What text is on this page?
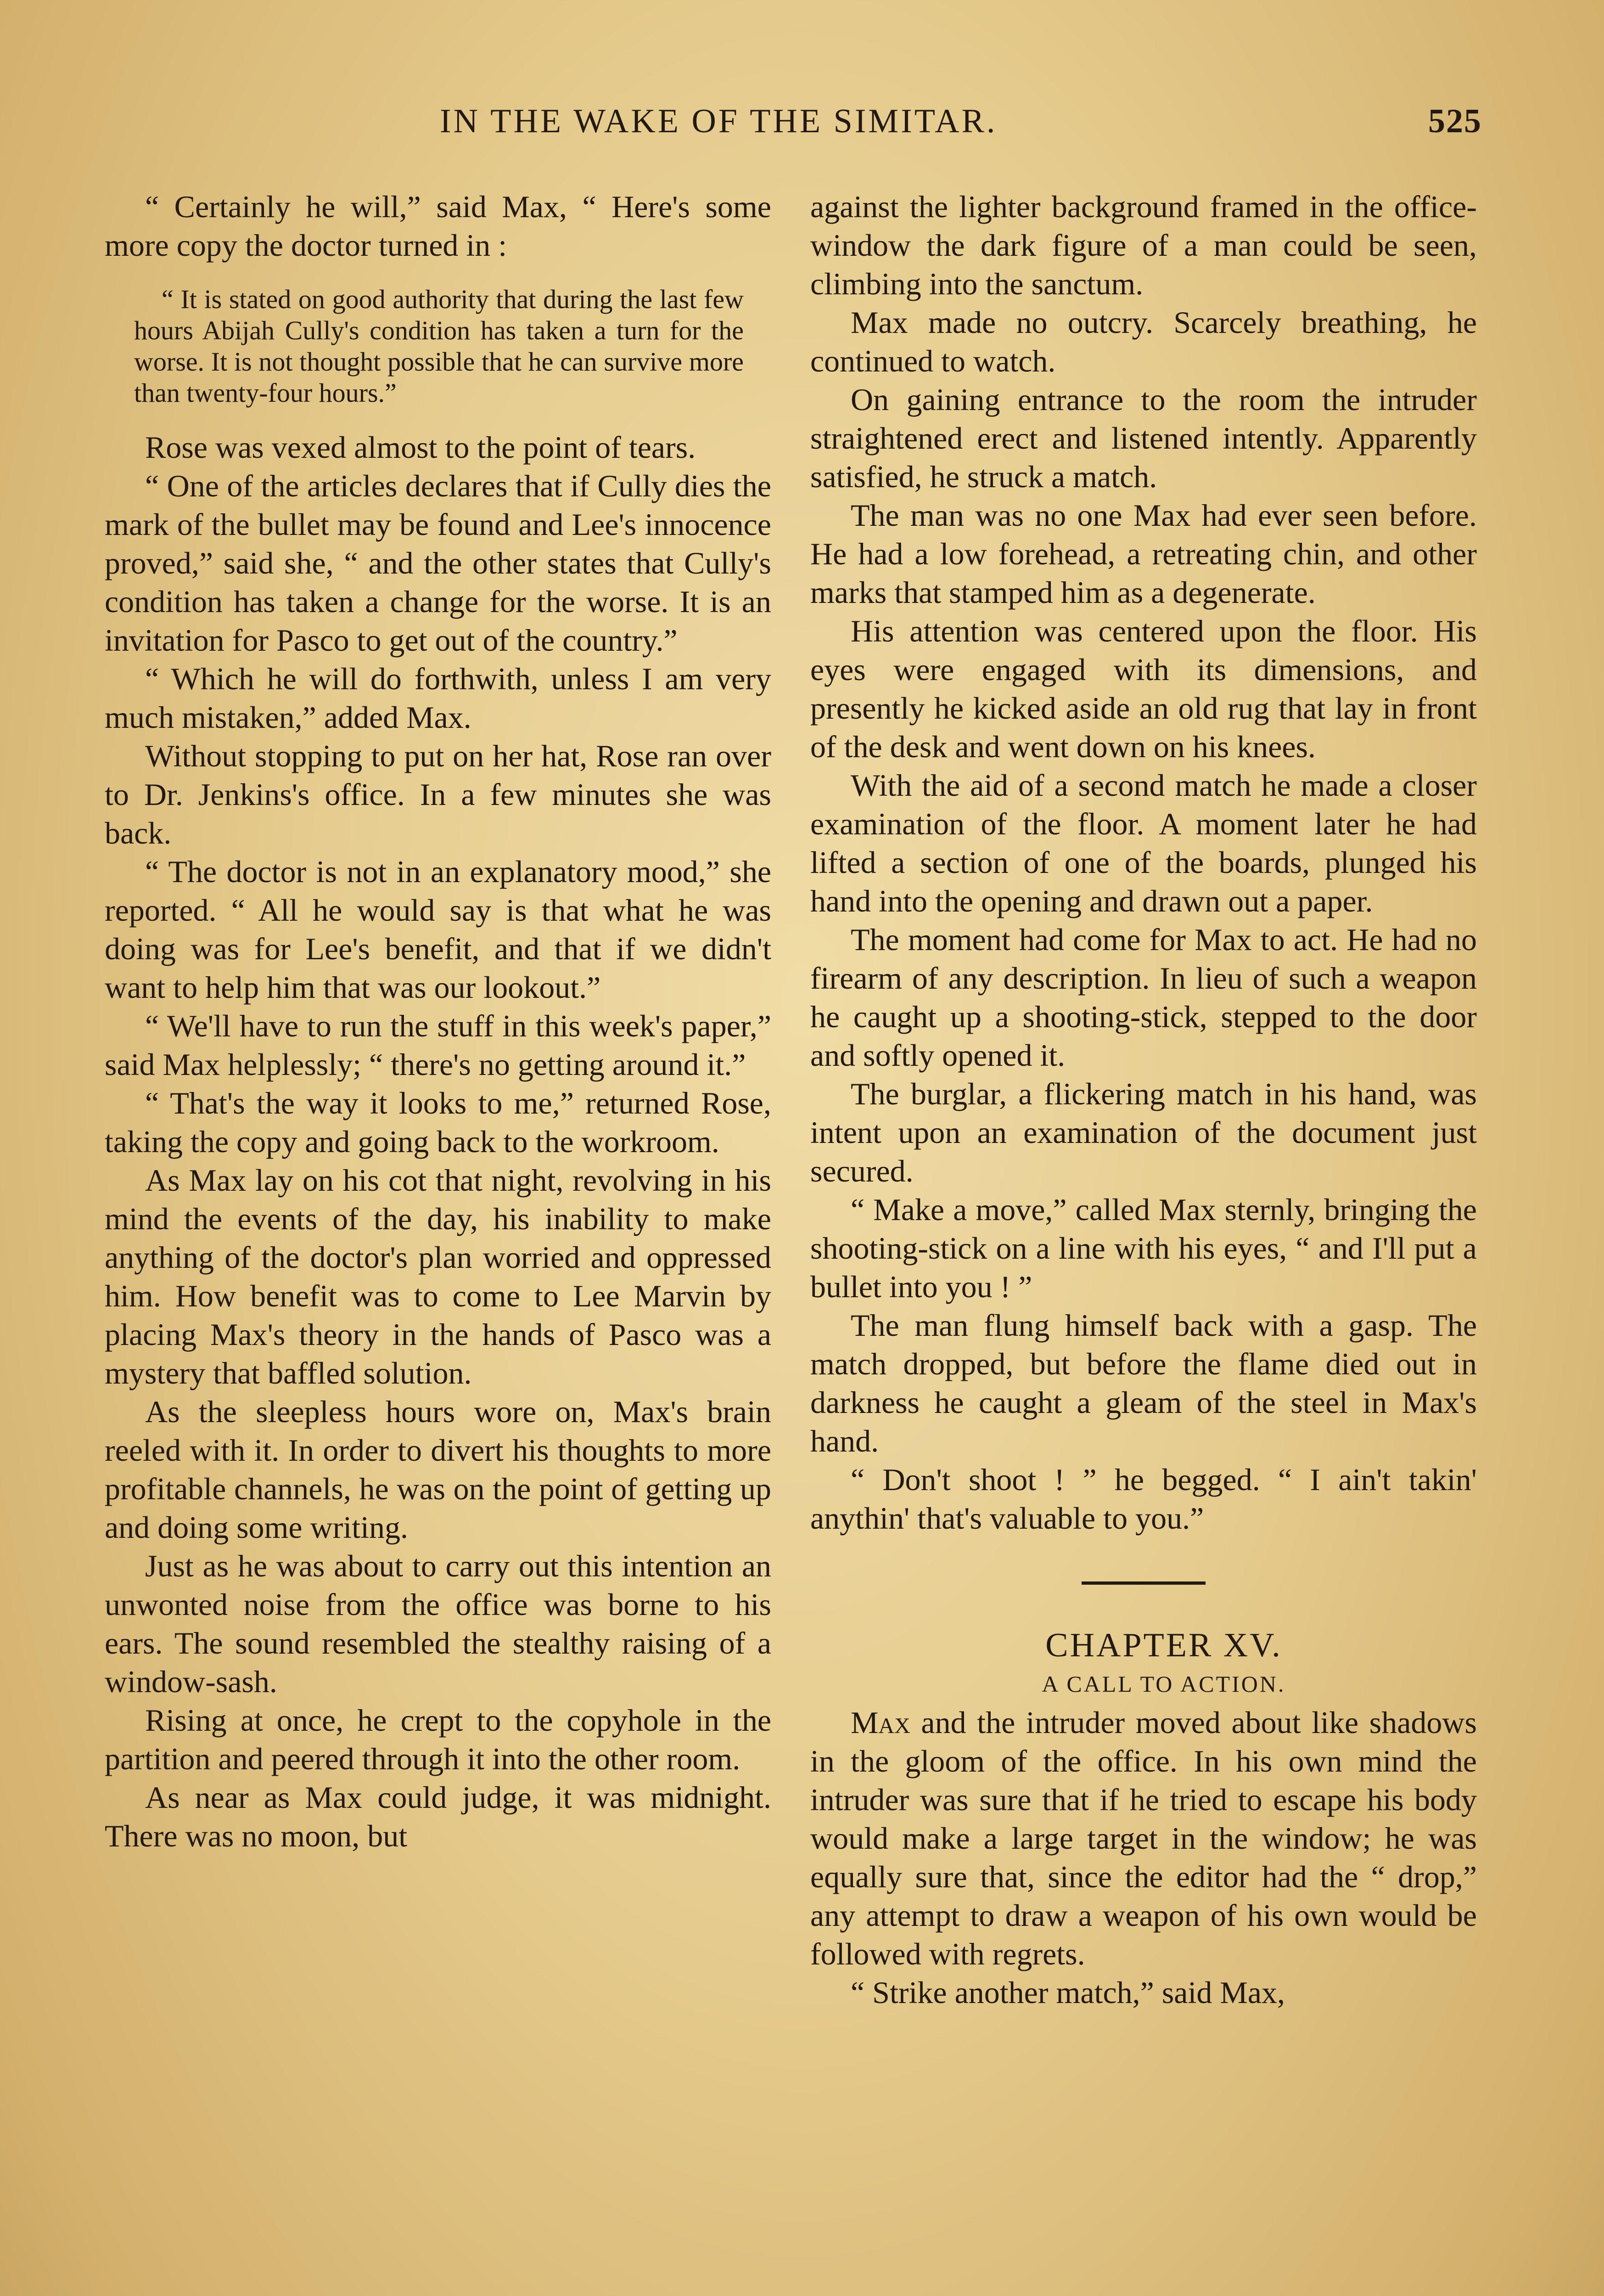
IN THE WAKE OF THE SIMITAR.	525

“ Certainly he will,” said Max, “ Here's some more copy the doctor turned in :

“ It is stated on good authority that during the last few hours Abijah Cully's condition has taken a turn for the worse. It is not thought possible that he can survive more than twenty-four hours.”

Rose was vexed almost to the point of tears.

“ One of the articles declares that if Cully dies the mark of the bullet may be found and Lee's innocence proved,” said she, “ and the other states that Cully's condition has taken a change for the worse. It is an invitation for Pasco to get out of the country.”

“ Which he will do forthwith, unless I am very much mistaken,” added Max.

Without stopping to put on her hat, Rose ran over to Dr. Jenkins's office. In a few minutes she was back.

“ The doctor is not in an explanatory mood,” she reported. “ All he would say is that what he was doing was for Lee's benefit, and that if we didn't want to help him that was our lookout.”

“ We'll have to run the stuff in this week's paper,” said Max helplessly; “ there's no getting around it.”

“ That's the way it looks to me,” returned Rose, taking the copy and going back to the workroom.

As Max lay on his cot that night, revolving in his mind the events of the day, his inability to make anything of the doctor's plan worried and oppressed him. How benefit was to come to Lee Marvin by placing Max's theory in the hands of Pasco was a mystery that baffled solution.

As the sleepless hours wore on, Max's brain reeled with it. In order to divert his thoughts to more profitable channels, he was on the point of getting up and doing some writing.

Just as he was about to carry out this intention an unwonted noise from the office was borne to his ears. The sound resembled the stealthy raising of a window-sash.

Rising at once, he crept to the copyhole in the partition and peered through it into the other room.

As near as Max could judge, it was midnight. There was no moon, but

against the lighter background framed in the office-window the dark figure of a man could be seen, climbing into the sanctum.

Max made no outcry. Scarcely breathing, he continued to watch.

On gaining entrance to the room the intruder straightened erect and listened intently. Apparently satisfied, he struck a match.

The man was no one Max had ever seen before. He had a low forehead, a retreating chin, and other marks that stamped him as a degenerate.

His attention was centered upon the floor. His eyes were engaged with its dimensions, and presently he kicked aside an old rug that lay in front of the desk and went down on his knees.

With the aid of a second match he made a closer examination of the floor. A moment later he had lifted a section of one of the boards, plunged his hand into the opening and drawn out a paper.

The moment had come for Max to act. He had no firearm of any description. In lieu of such a weapon he caught up a shooting-stick, stepped to the door and softly opened it.

The burglar, a flickering match in his hand, was intent upon an examination of the document just secured.

“ Make a move,” called Max sternly, bringing the shooting-stick on a line with his eyes, “ and I'll put a bullet into you ! ”

The man flung himself back with a gasp. The match dropped, but before the flame died out in darkness he caught a gleam of the steel in Max's hand.

“ Don't shoot ! ” he begged. “ I ain't takin' anythin' that's valuable to you.”

CHAPTER XV.

A CALL TO ACTION.

Max and the intruder moved about like shadows in the gloom of the office. In his own mind the intruder was sure that if he tried to escape his body would make a large target in the window; he was equally sure that, since the editor had the “ drop,” any attempt to draw a weapon of his own would be followed with regrets.

“ Strike another match,” said Max,
